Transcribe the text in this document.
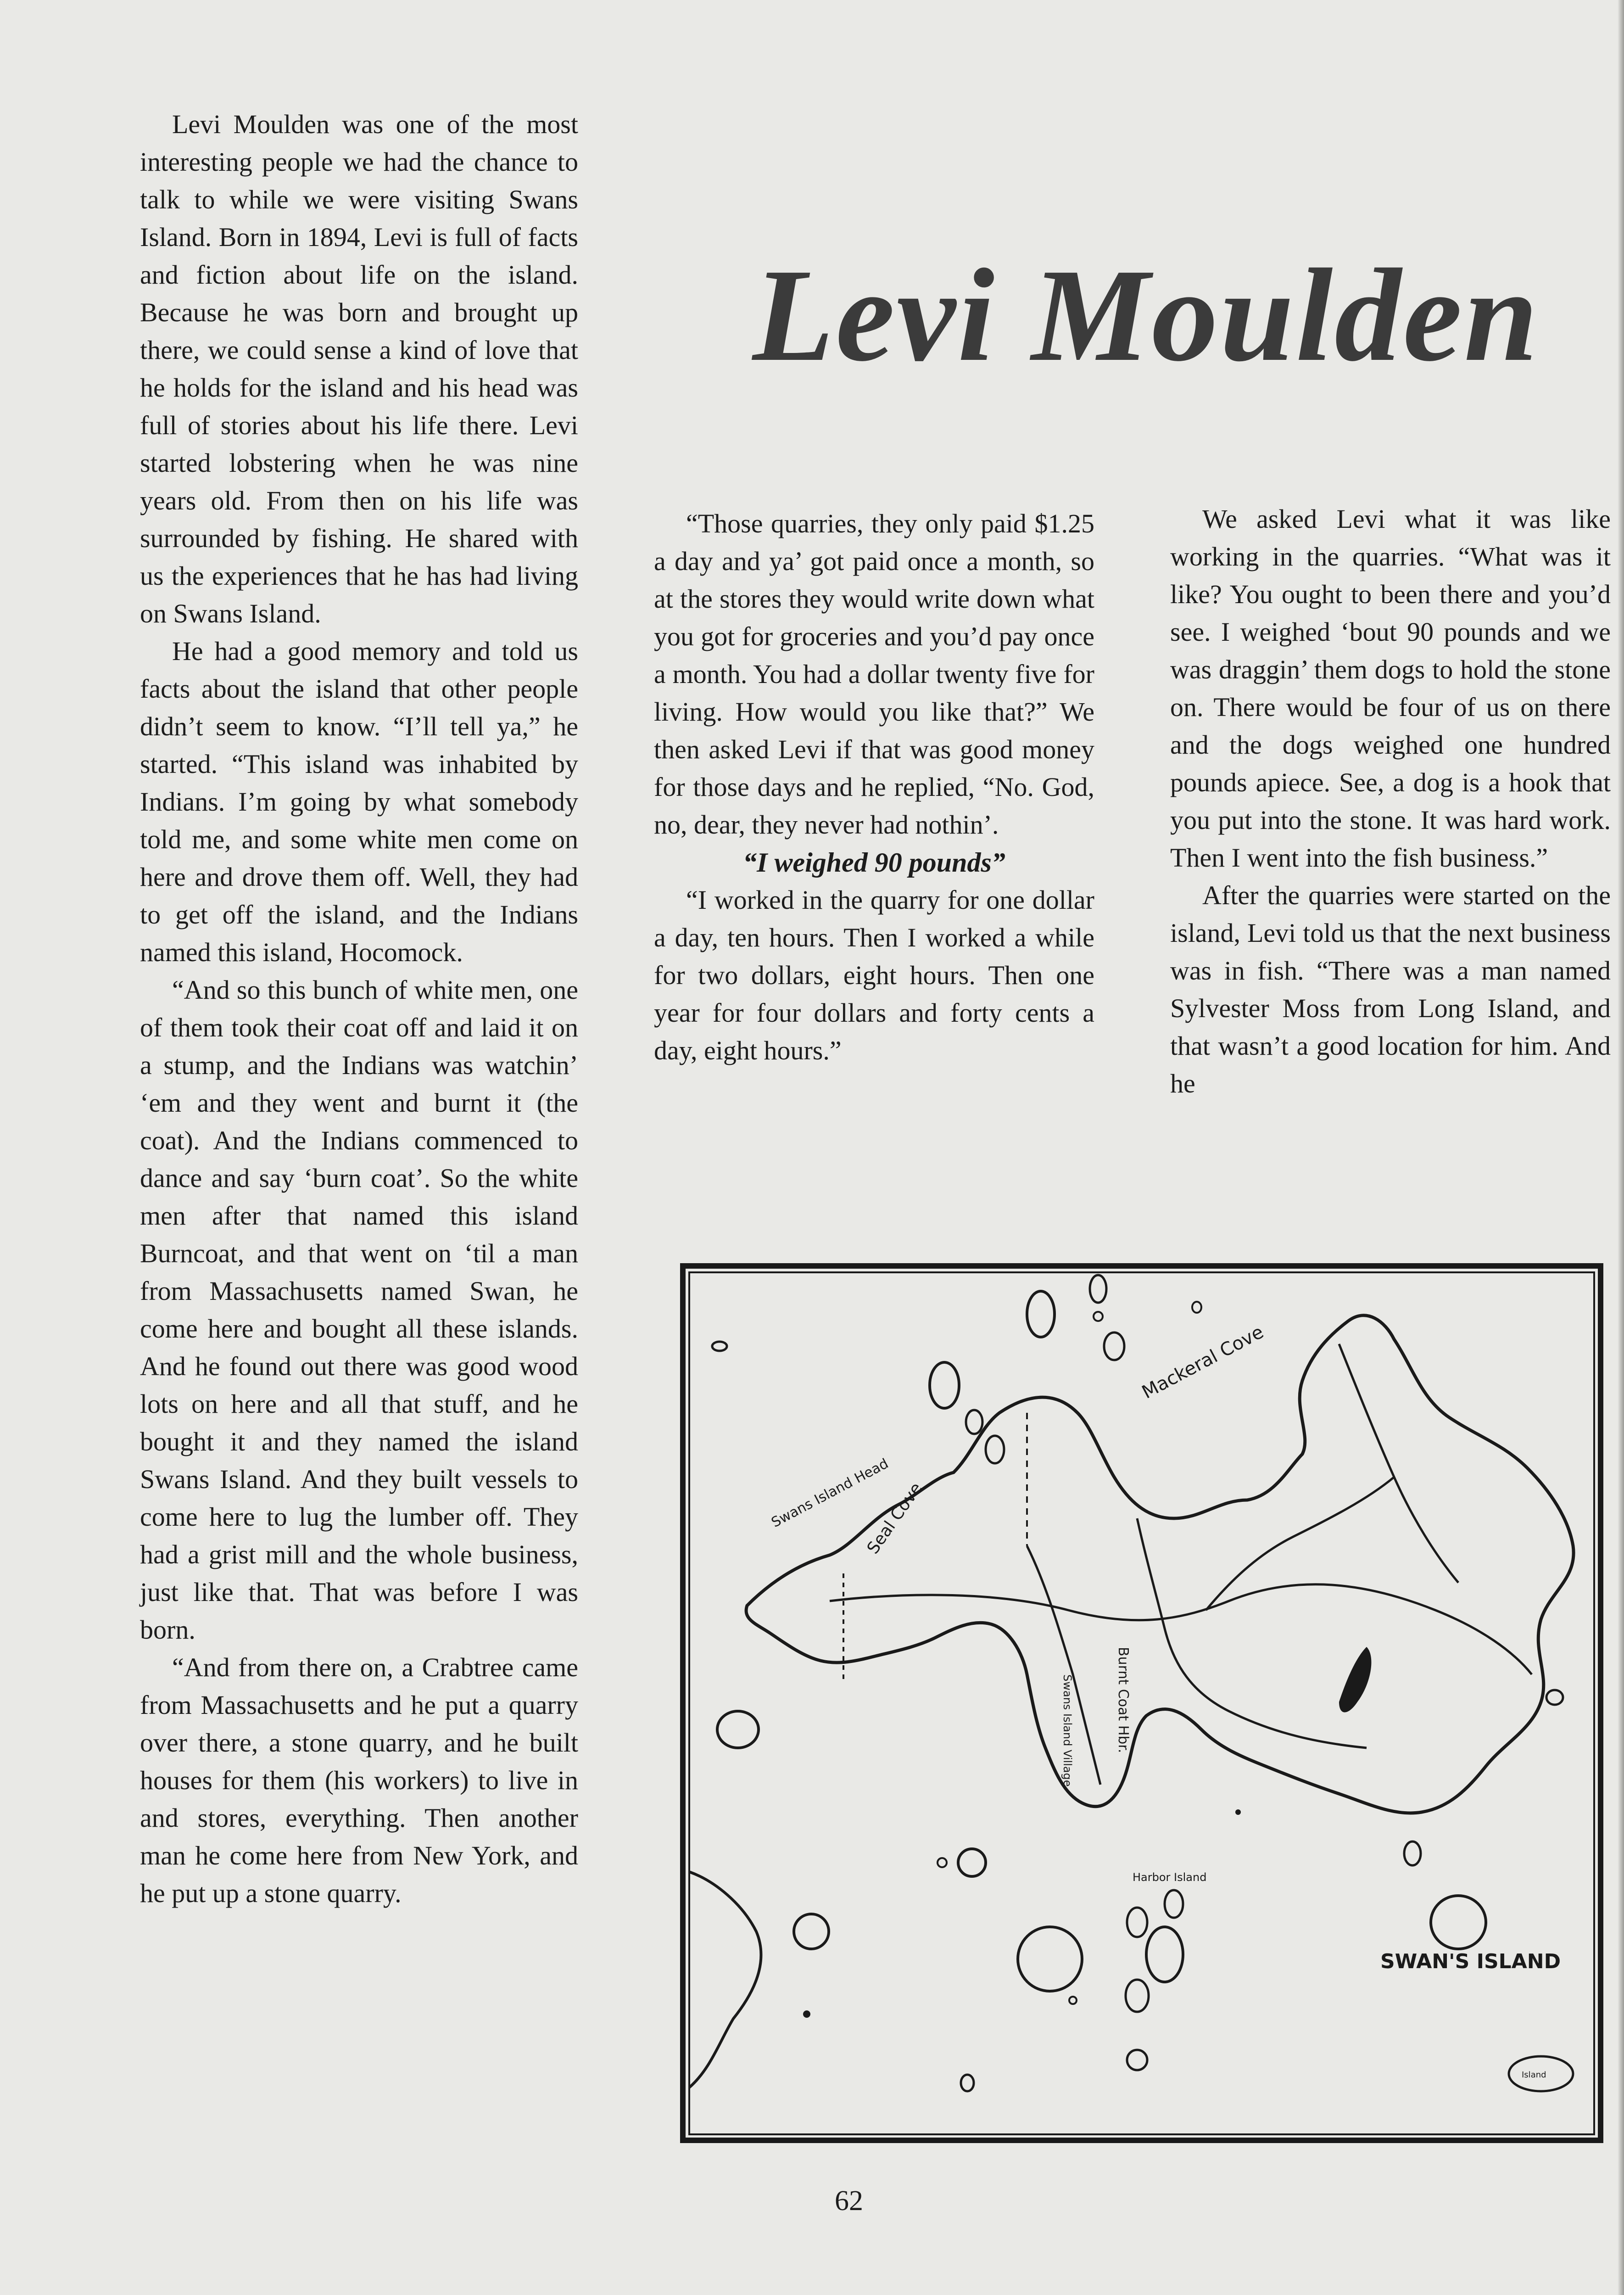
Levi Moulden

Levi Moulden was one of the most interesting people we had the chance to talk to while we were visiting Swans Island. Born in 1894, Levi is full of facts and fiction about life on the island. Because he was born and brought up there, we could sense a kind of love that he holds for the island and his head was full of stories about his life there. Levi started lobstering when he was nine years old. From then on his life was surrounded by fishing. He shared with us the experiences that he has had living on Swans Island.

He had a good memory and told us facts about the island that other people didn’t seem to know. “I’ll tell ya,” he started. “This island was inhabited by Indians. I’m going by what somebody told me, and some white men come on here and drove them off. Well, they had to get off the island, and the Indians named this island, Hocomock.

“And so this bunch of white men, one of them took their coat off and laid it on a stump, and the Indians was watchin’ ‘em and they went and burnt it (the coat). And the Indians commenced to dance and say ‘burn coat’. So the white men after that named this island Burncoat, and that went on ‘til a man from Massachusetts named Swan, he come here and bought all these islands. And he found out there was good wood lots on here and all that stuff, and he bought it and they named the island Swans Island. And they built vessels to come here to lug the lumber off. They had a grist mill and the whole business, just like that. That was before I was born.

“And from there on, a Crabtree came from Massachusetts and he put a quarry over there, a stone quarry, and he built houses for them (his workers) to live in and stores, everything. Then another man he come here from New York, and he put up a stone quarry.

“Those quarries, they only paid $1.25 a day and ya’ got paid once a month, so at the stores they would write down what you got for groceries and you’d pay once a month. You had a dollar twenty five for living. How would you like that?” We then asked Levi if that was good money for those days and he replied, “No. God, no, dear, they never had nothin’.

“I weighed 90 pounds”

“I worked in the quarry for one dollar a day, ten hours. Then I worked a while for two dollars, eight hours. Then one year for four dollars and forty cents a day, eight hours.”

We asked Levi what it was like working in the quarries. “What was it like? You ought to been there and you’d see. I weighed ‘bout 90 pounds and we was draggin’ them dogs to hold the stone on. There would be four of us on there and the dogs weighed one hundred pounds apiece. See, a dog is a hook that you put into the stone. It was hard work. Then I went into the fish business.”

After the quarries were started on the island, Levi told us that the next business was in fish. “There was a man named Sylvester Moss from Long Island, and that wasn’t a good location for him. And he

Mackeral Cove
Swans Island Head
Seal Cove
Burnt Coat Hbr.
Swans Island Village
Harbor Island
SWAN'S ISLAND
Island
62
